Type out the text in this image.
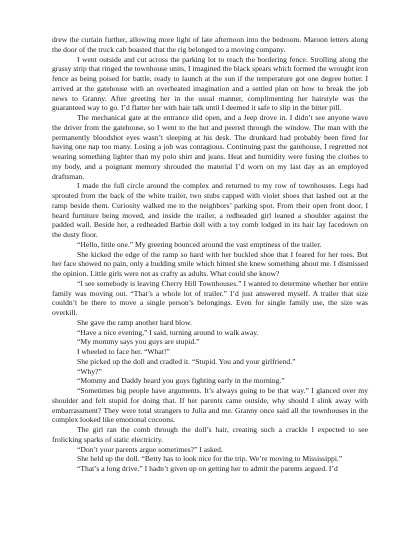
drew the curtain further, allowing more light of late afternoon into the bedroom. Maroon letters along the door of the truck cab boasted that the rig belonged to a moving company.

I went outside and cut across the parking lot to reach the bordering fence. Strolling along the grassy strip that ringed the townhouse units, I imagined the black spears which formed the wrought iron fence as being poised for battle, ready to launch at the sun if the temperature got one degree hotter. I arrived at the gatehouse with an overheated imagination and a settled plan on how to break the job news to Granny. After greeting her in the usual manner, complimenting her hairstyle was the guaranteed way to go. I’d flatter her with hair talk until I deemed it safe to slip in the bitter pill.

The mechanical gate at the entrance slid open, and a Jeep drove in. I didn’t see anyone wave the driver from the gatehouse, so I went to the hut and peered through the window. The man with the permanently bloodshot eyes wasn’t sleeping at his desk. The drunkard had probably been fired for having one nap too many. Losing a job was contagious. Continuing past the gatehouse, I regretted not wearing something lighter than my polo shirt and jeans. Heat and humidity were fusing the clothes to my body, and a poignant memory shrouded the material I’d worn on my last day as an employed draftsman.

I made the full circle around the complex and returned to my row of townhouses. Legs had sprouted from the back of the white trailer, two stubs capped with violet shoes that lashed out at the ramp beside them. Curiosity walked me to the neighbors’ parking spot. From their open front door, I heard furniture being moved, and inside the trailer, a redheaded girl leaned a shoulder against the padded wall. Beside her, a redheaded Barbie doll with a toy comb lodged in its hair lay facedown on the dusty floor.

“Hello, little one.” My greeting bounced around the vast emptiness of the trailer.

She kicked the edge of the ramp so hard with her buckled shoe that I feared for her toes. But her face showed no pain, only a budding smile which hinted she knew something about me. I dismissed the opinion. Little girls were not as crafty as adults. What could she know?

“I see somebody is leaving Cherry Hill Townhouses.” I wanted to determine whether her entire family was moving out. “That’s a whole lot of trailer.” I’d just answered myself. A trailer that size couldn’t be there to move a single person’s belongings. Even for single family use, the size was overkill.

She gave the ramp another hard blow.

“Have a nice evening,” I said, turning around to walk away.

“My mommy says you guys are stupid.”

I wheeled to face her. “What!”

She picked up the doll and cradled it. “Stupid. You and your girlfriend.”

“Why?”

“Mommy and Daddy heard you guys fighting early in the morning.”

“Sometimes big people have arguments. It’s always going to be that way.” I glanced over my shoulder and felt stupid for doing that. If her parents came outside, why should I slink away with embarrassment? They were total strangers to Julia and me. Granny once said all the townhouses in the complex looked like emotional cocoons.

The girl ran the comb through the doll’s hair, creating such a crackle I expected to see frolicking sparks of static electricity.

“Don’t your parents argue sometimes?” I asked.

She held up the doll. “Betty has to look nice for the trip. We’re moving to Mississippi.”

“That’s a long drive.” I hadn’t given up on getting her to admit the parents argued. I’d
